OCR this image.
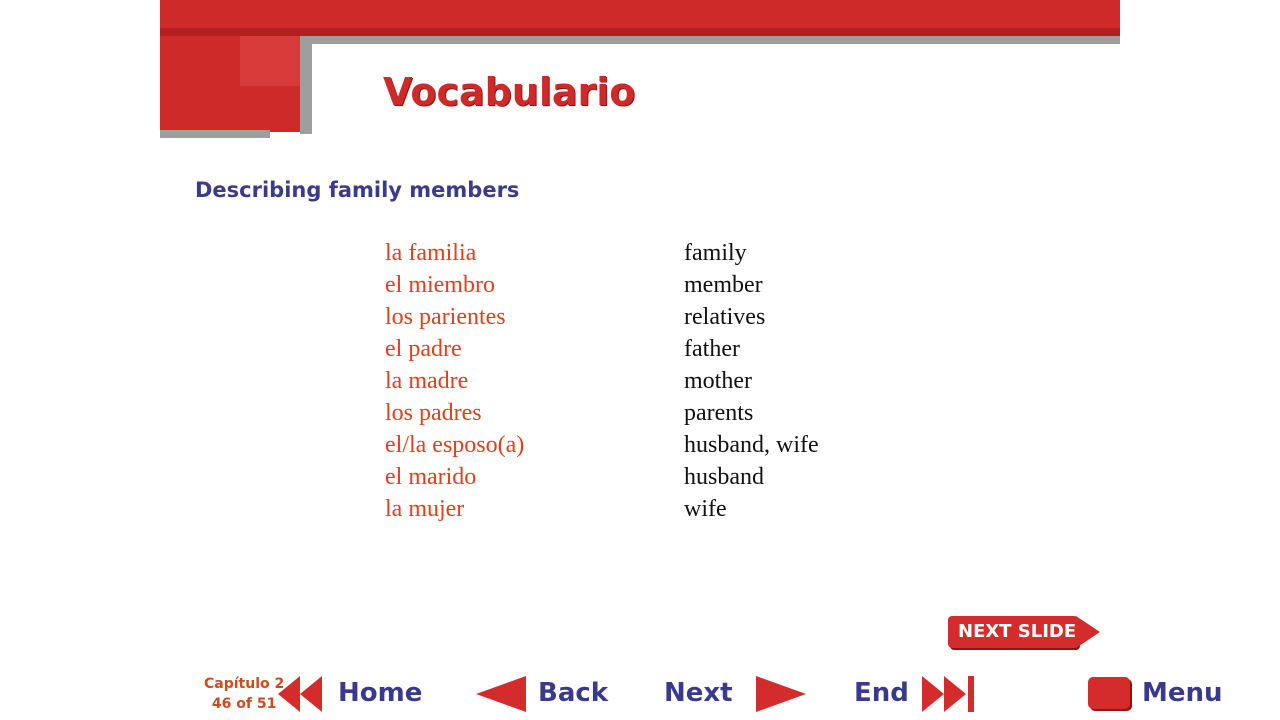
Vocabulario
Describing family members
la familia	family
el miembro	member
los parientes	relatives
el padre	father
la madre	mother
los padres	parents
el/la esposo(a)	husband, wife
el marido	husband
la mujer	wife
NEXT SLIDE
Capítulo 2
46 of 51	Home	Back Next	End	Menu
